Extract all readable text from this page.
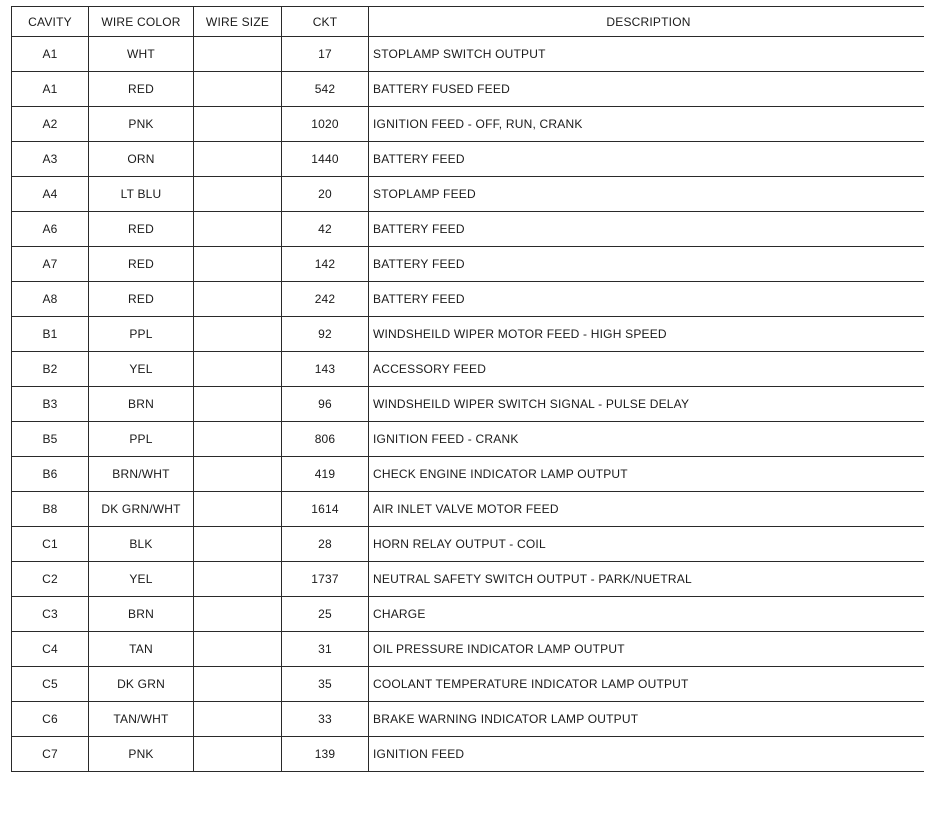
CAVITY	WIRE COLOR	WIRE SIZE	CKT	DESCRIPTION
A1	WHT		17	STOPLAMP SWITCH OUTPUT
A1	RED		542	BATTERY FUSED FEED
A2	PNK		1020	IGNITION FEED - OFF, RUN, CRANK
A3	ORN		1440	BATTERY FEED
A4	LT BLU		20	STOPLAMP FEED
A6	RED		42	BATTERY FEED
A7	RED		142	BATTERY FEED
A8	RED		242	BATTERY FEED
B1	PPL		92	WINDSHEILD WIPER MOTOR FEED - HIGH SPEED
B2	YEL		143	ACCESSORY FEED
B3	BRN		96	WINDSHEILD WIPER SWITCH SIGNAL - PULSE DELAY
B5	PPL		806	IGNITION FEED - CRANK
B6	BRN/WHT		419	CHECK ENGINE INDICATOR LAMP OUTPUT
B8	DK GRN/WHT		1614	AIR INLET VALVE MOTOR FEED
C1	BLK		28	HORN RELAY OUTPUT - COIL
C2	YEL		1737	NEUTRAL SAFETY SWITCH OUTPUT - PARK/NUETRAL
C3	BRN		25	CHARGE
C4	TAN		31	OIL PRESSURE INDICATOR LAMP OUTPUT
C5	DK GRN		35	COOLANT TEMPERATURE INDICATOR LAMP OUTPUT
C6	TAN/WHT		33	BRAKE WARNING INDICATOR LAMP OUTPUT
C7	PNK		139	IGNITION FEED
